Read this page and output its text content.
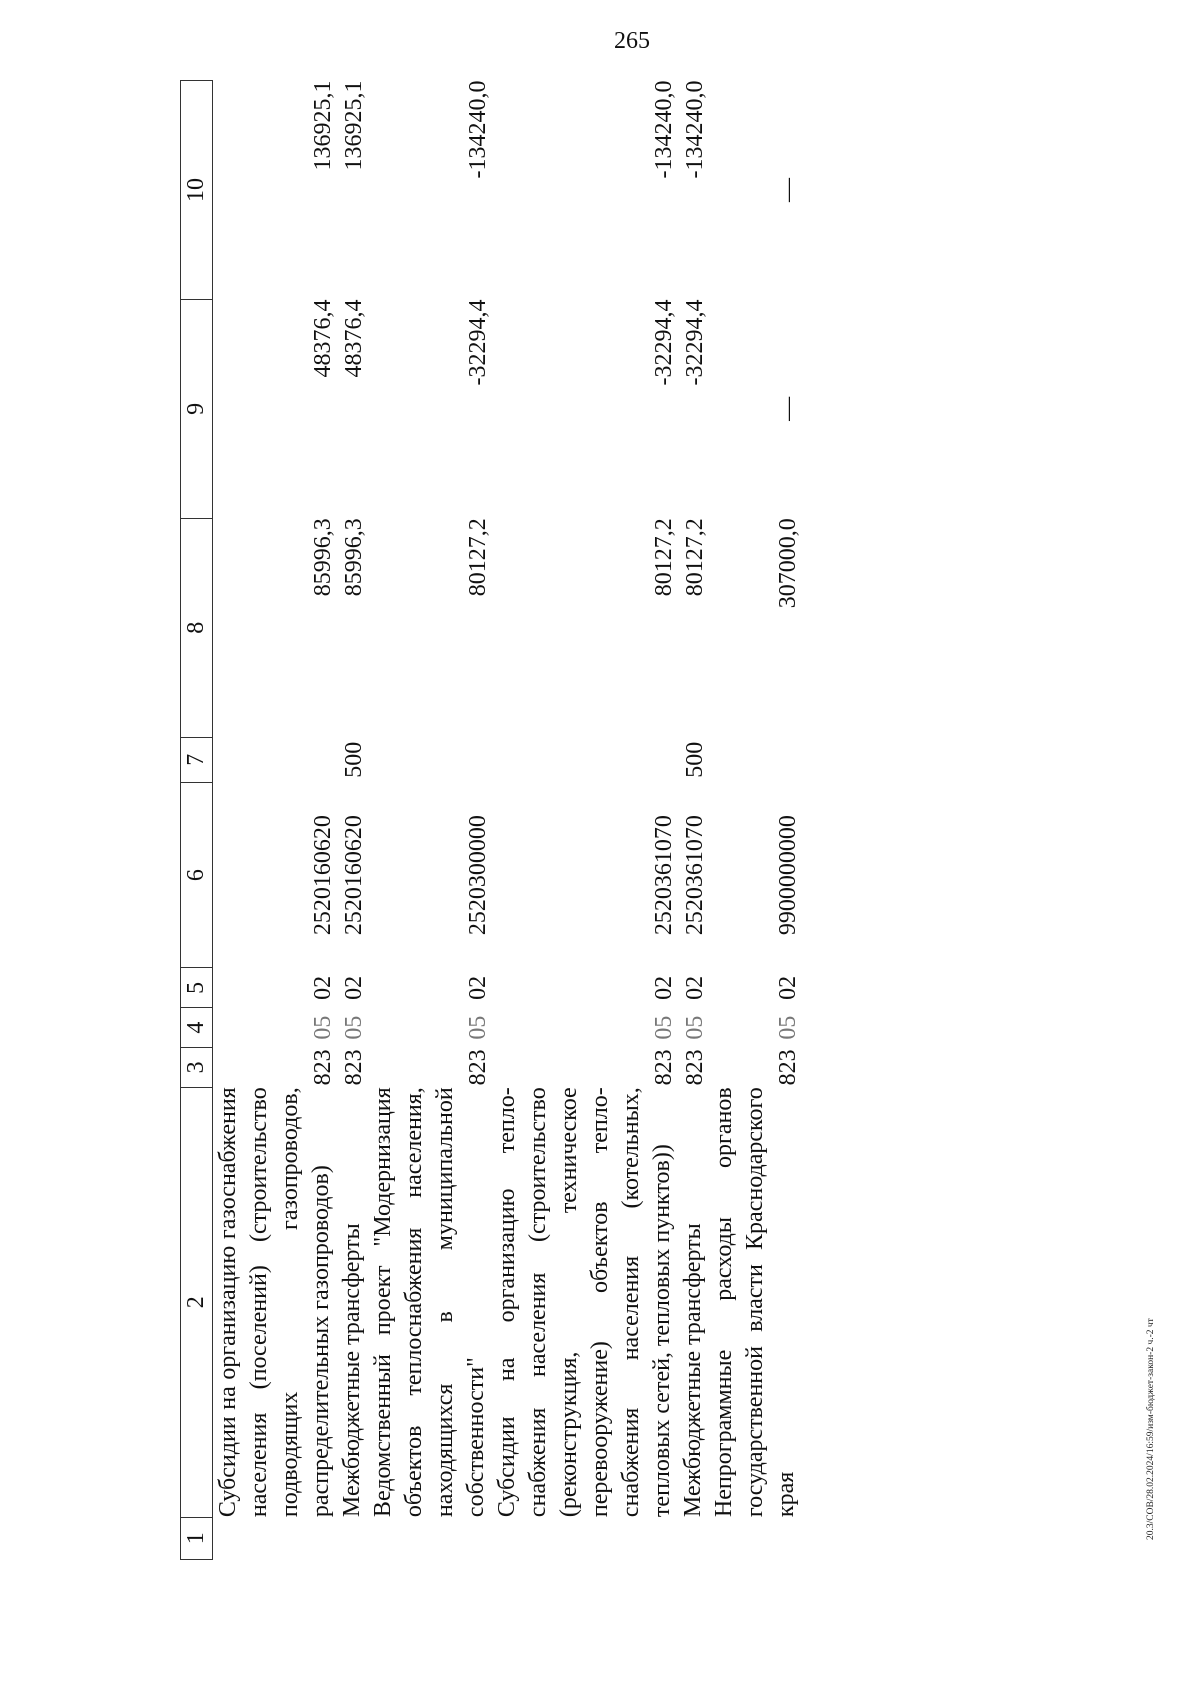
265
20.3/СОВ/28.02.2024/16:59/изм-бюджет-закон-2 ч.-2 чт
1	2	3	4	5	6	7	8	9	10
	Субсидии на организацию газоснабжения населения (поселений) (строительство подводящих газопроводов, распределительных газопроводов)	823	05	02	2520160620		85996,3	48376,4	136925,1
	Межбюджетные трансферты	823	05	02	2520160620	500	85996,3	48376,4	136925,1
	Ведомственный проект "Модернизация объектов теплоснабжения населения, находящихся в муниципальной собственности"	823	05	02	2520300000		80127,2	-32294,4	-134240,0
	Субсидии на организацию теплоснабжения населения (строительство (реконструкция, техническое перевооружение) объектов теплоснабжения населения (котельных, тепловых сетей, тепловых пунктов))	823	05	02	2520361070		80127,2	-32294,4	-134240,0
	Межбюджетные трансферты	823	05	02	2520361070	500	80127,2	-32294,4	-134240,0
	Непрограммные расходы органов государственной власти Краснодарского края	823	05	02	9900000000		307000,0	—	—
